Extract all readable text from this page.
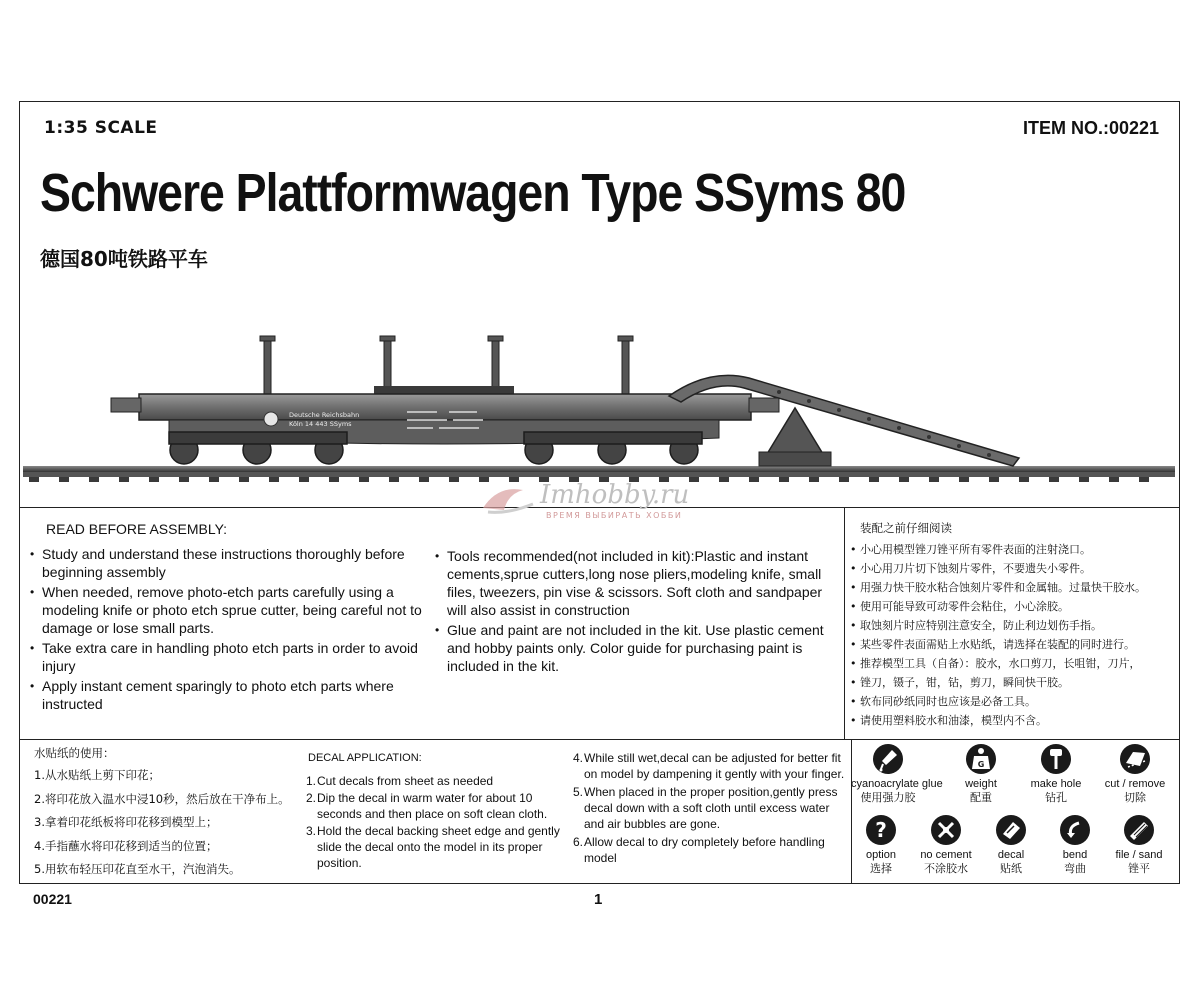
1:35 SCALE	ITEM NO.:00221
Schwere Plattformwagen Type SSyms 80
德国80吨铁路平车
Deutsche Reichsbahn
Köln 14 443 SSyms
Imhobby.ru
ВРЕМЯ ВЫБИРАТЬ ХОББИ
READ BEFORE ASSEMBLY:
• Study and understand these instructions thoroughly before beginning assembly
• When needed, remove photo-etch parts carefully using a modeling knife or photo etch sprue cutter, being careful not to damage or lose small parts.
• Take extra care in handling photo etch parts in order to avoid injury
• Apply instant cement sparingly to photo etch parts where instructed
• Tools recommended(not included in kit):Plastic and instant cements,sprue cutters,long nose pliers,modeling knife, small files, tweezers, pin vise & scissors. Soft cloth and sandpaper will also assist in construction
• Glue and paint are not included in the kit. Use plastic cement and hobby paints only. Color guide for purchasing paint is included in the kit.
装配之前仔细阅读
• 小心用模型锉刀锉平所有零件表面的注射浇口。
• 小心用刀片切下蚀刻片零件，不要遗失小零件。
• 用强力快干胶水粘合蚀刻片零件和金属轴。过量快干胶水。
• 使用可能导致可动零件会粘住，小心涂胶。
• 取蚀刻片时应特别注意安全，防止利边划伤手指。
• 某些零件表面需贴上水贴纸，请选择在装配的同时进行。
• 推荐模型工具（自备）：胶水，水口剪刀，长咀钳，刀片，
• 锉刀，镊子，钳，钻，剪刀，瞬间快干胶。
• 软布同砂纸同时也应该是必备工具。
• 请使用塑料胶水和油漆，模型内不含。
水贴纸的使用：
1.从水贴纸上剪下印花；
2.将印花放入温水中浸10秒，然后放在干净布上。
3.拿着印花纸板将印花移到模型上；
4.手指蘸水将印花移到适当的位置；
5.用软布轻压印花直至水干，汽泡消失。
DECAL APPLICATION:
1. Cut decals from sheet as needed
2. Dip the decal in warm water for about 10 seconds and then place on soft clean cloth.
3. Hold the decal backing sheet edge and gently slide the decal onto the model in its proper position.
4. While still wet,decal can be adjusted for better fit on model by dampening it gently with your finger.
5. When placed in the proper position,gently press decal down with a soft cloth until excess water and air bubbles are gone.
6. Allow decal to dry completely before handling model
cyanoacrylate glue
使用强力胶
G
weight
配重
make hole
钻孔
cut / remove
切除
?
option
选择
no cement
不涂胶水
decal
贴纸
bend
弯曲
file / sand
锉平
00221	1
